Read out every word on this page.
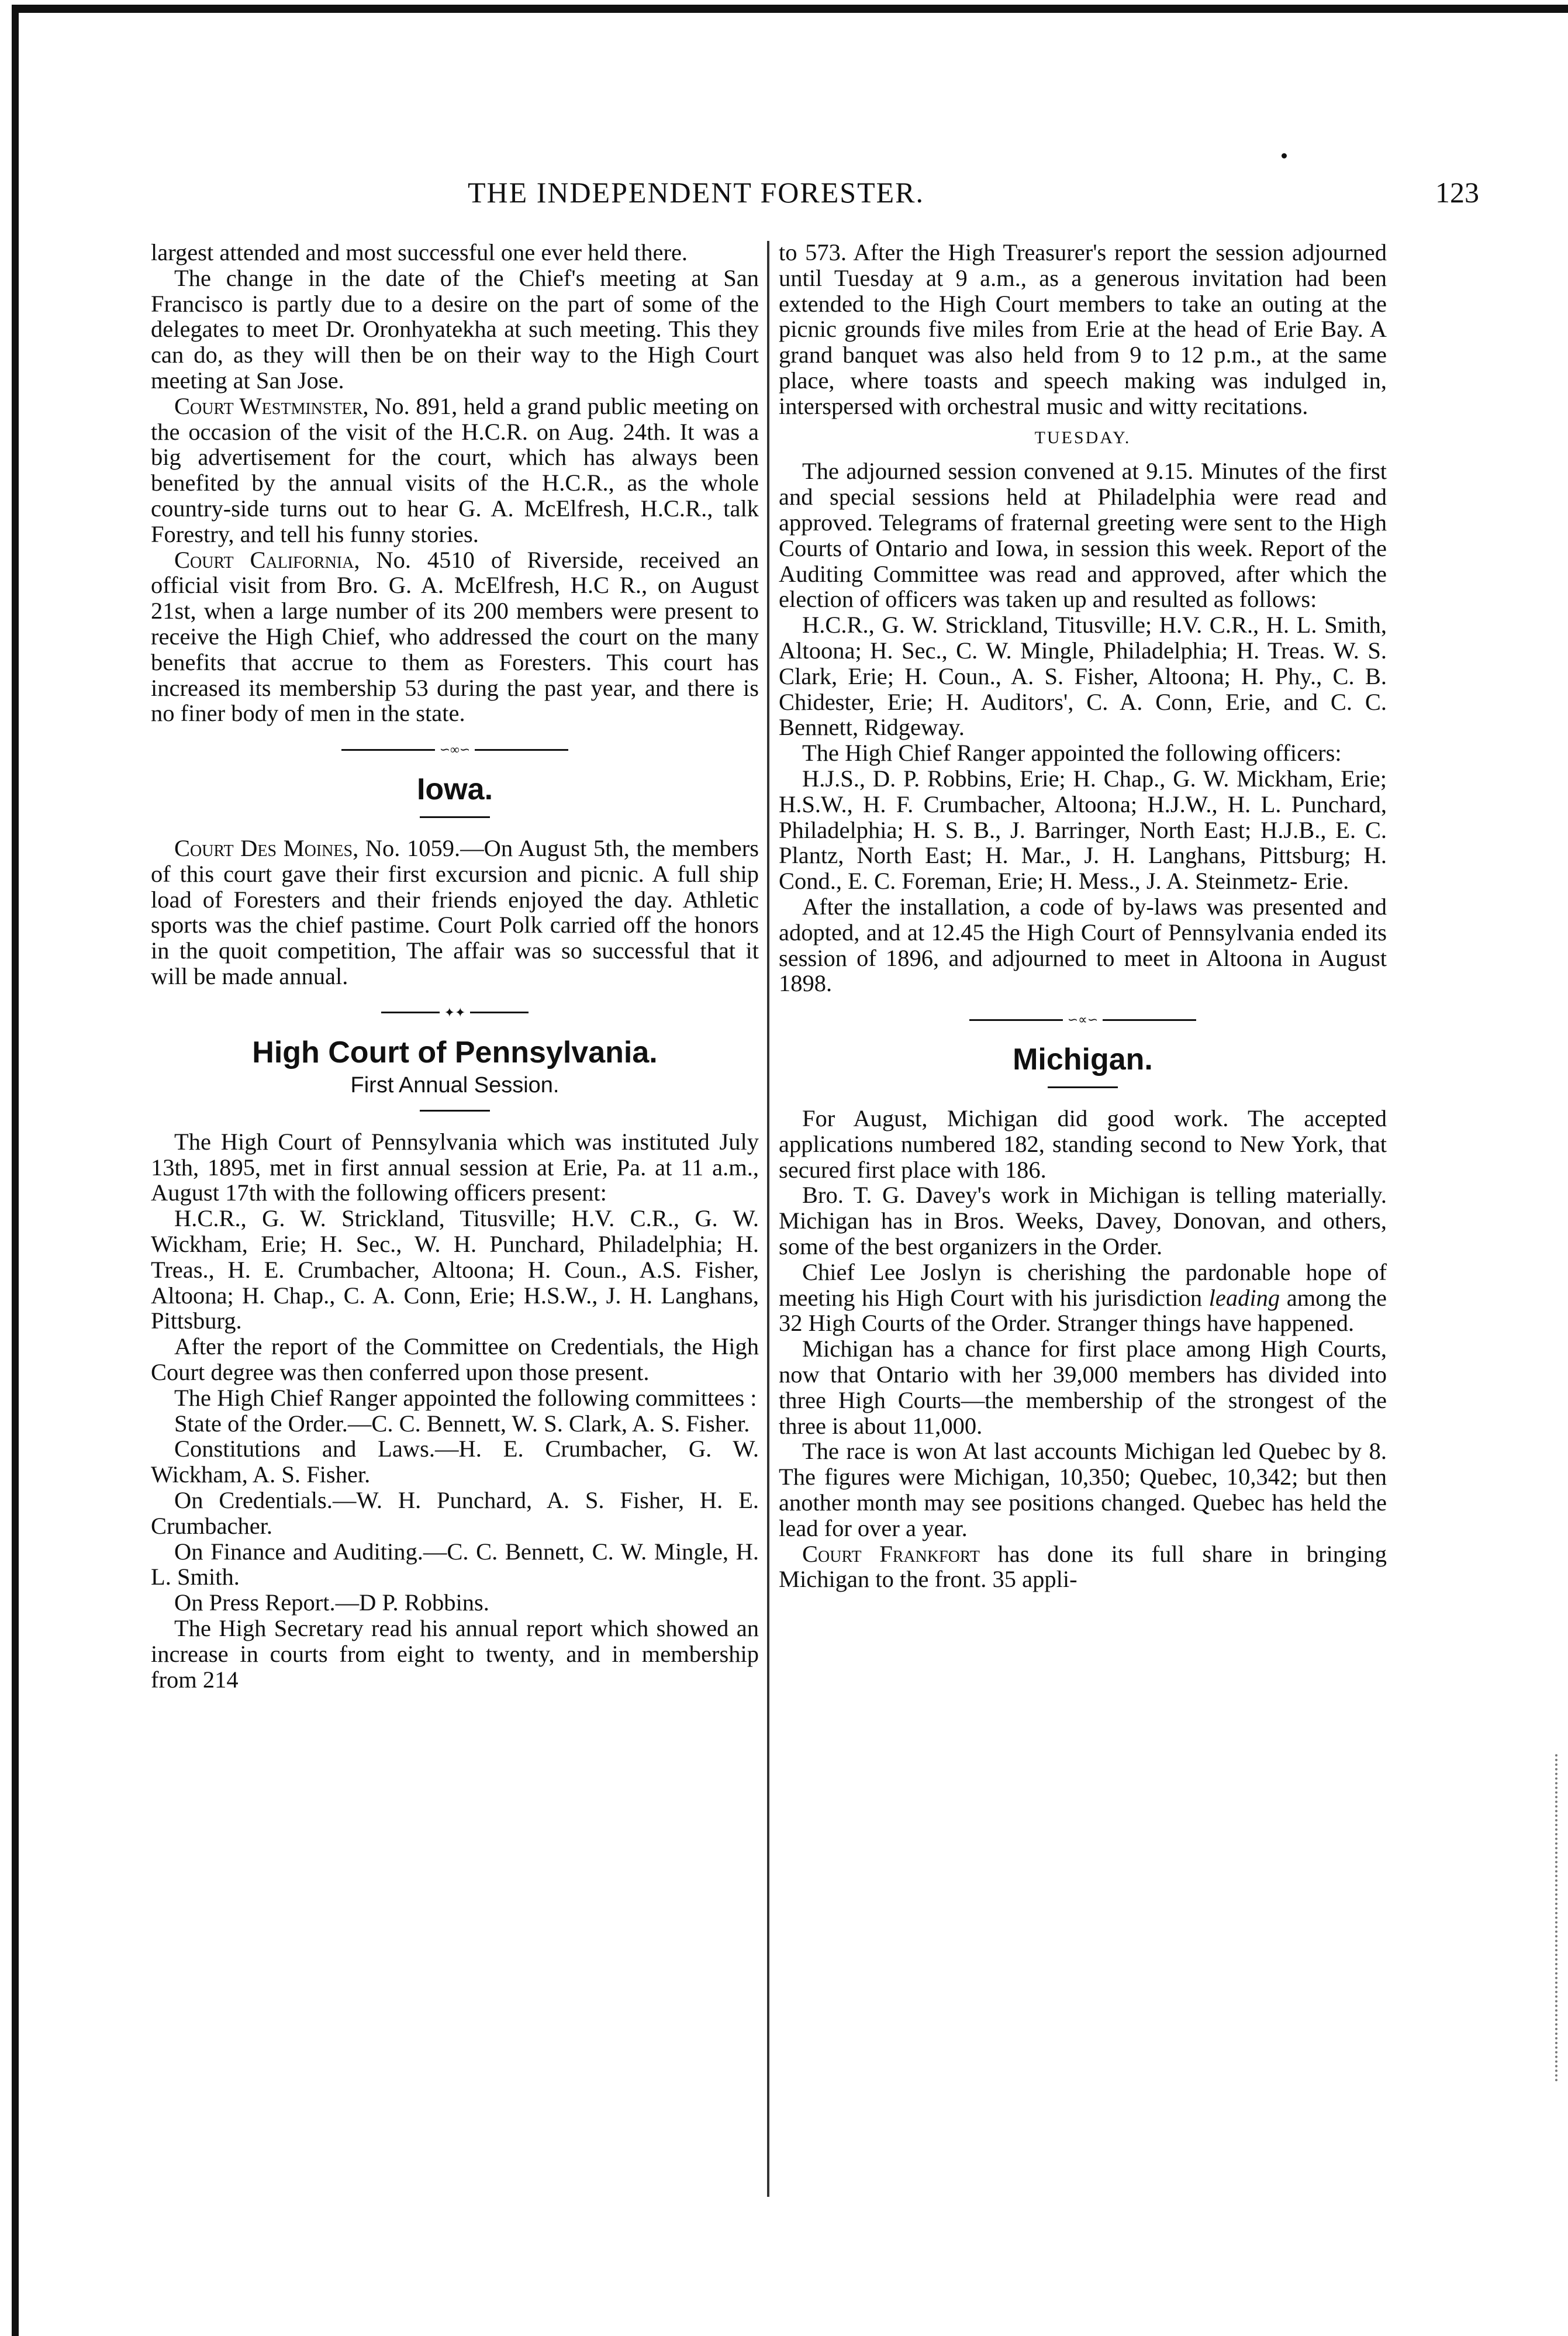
THE INDEPENDENT FORESTER.	123

largest attended and most successful one ever held there.

The change in the date of the Chief's meeting at San Francisco is partly due to a desire on the part of some of the delegates to meet Dr. Oronhyatekha at such meeting. This they can do, as they will then be on their way to the High Court meeting at San Jose.

Court Westminster, No. 891, held a grand public meeting on the occasion of the visit of the H.C.R. on Aug. 24th. It was a big advertisement for the court, which has always been benefited by the annual visits of the H.C.R., as the whole country-side turns out to hear G. A. McElfresh, H.C.R., talk Forestry, and tell his funny stories.

Court California, No. 4510 of Riverside, received an official visit from Bro. G. A. McElfresh, H.C R., on August 21st, when a large number of its 200 members were present to receive the High Chief, who addressed the court on the many benefits that accrue to them as Foresters. This court has increased its membership 53 during the past year, and there is no finer body of men in the state.

∽∞∽
Iowa.

Court Des Moines, No. 1059.—On August 5th, the members of this court gave their first excursion and picnic. A full ship load of Foresters and their friends enjoyed the day. Athletic sports was the chief pastime. Court Polk carried off the honors in the quoit competition, The affair was so successful that it will be made annual.

✦✦
High Court of Pennsylvania.
First Annual Session.

The High Court of Pennsylvania which was instituted July 13th, 1895, met in first annual session at Erie, Pa. at 11 a.m., August 17th with the following officers present:

H.C.R., G. W. Strickland, Titusville; H.V. C.R., G. W. Wickham, Erie; H. Sec., W. H. Punchard, Philadelphia; H. Treas., H. E. Crumbacher, Altoona; H. Coun., A.S. Fisher, Altoona; H. Chap., C. A. Conn, Erie; H.S.W., J. H. Langhans, Pittsburg.

After the report of the Committee on Credentials, the High Court degree was then conferred upon those present.

The High Chief Ranger appointed the following committees :

State of the Order.—C. C. Bennett, W. S. Clark, A. S. Fisher.

Constitutions and Laws.—H. E. Crumbacher, G. W. Wickham, A. S. Fisher.

On Credentials.—W. H. Punchard, A. S. Fisher, H. E. Crumbacher.

On Finance and Auditing.—C. C. Bennett, C. W. Mingle, H. L. Smith.

On Press Report.—D P. Robbins.

The High Secretary read his annual report which showed an increase in courts from eight to twenty, and in membership from 214

to 573. After the High Treasurer's report the session adjourned until Tuesday at 9 a.m., as a generous invitation had been extended to the High Court members to take an outing at the picnic grounds five miles from Erie at the head of Erie Bay. A grand banquet was also held from 9 to 12 p.m., at the same place, where toasts and speech making was indulged in, interspersed with orchestral music and witty recitations.

TUESDAY.

The adjourned session convened at 9.15. Minutes of the first and special sessions held at Philadelphia were read and approved. Telegrams of fraternal greeting were sent to the High Courts of Ontario and Iowa, in session this week. Report of the Auditing Committee was read and approved, after which the election of officers was taken up and resulted as follows:

H.C.R., G. W. Strickland, Titusville; H.V. C.R., H. L. Smith, Altoona; H. Sec., C. W. Mingle, Philadelphia; H. Treas. W. S. Clark, Erie; H. Coun., A. S. Fisher, Altoona; H. Phy., C. B. Chidester, Erie; H. Auditors', C. A. Conn, Erie, and C. C. Bennett, Ridgeway.

The High Chief Ranger appointed the following officers:

H.J.S., D. P. Robbins, Erie; H. Chap., G. W. Mickham, Erie; H.S.W., H. F. Crumbacher, Altoona; H.J.W., H. L. Punchard, Philadelphia; H. S. B., J. Barringer, North East; H.J.B., E. C. Plantz, North East; H. Mar., J. H. Langhans, Pittsburg; H. Cond., E. C. Foreman, Erie; H. Mess., J. A. Steinmetz- Erie.

After the installation, a code of by-laws was presented and adopted, and at 12.45 the High Court of Pennsylvania ended its session of 1896, and adjourned to meet in Altoona in August 1898.

∽∝∽
Michigan.

For August, Michigan did good work. The accepted applications numbered 182, standing second to New York, that secured first place with 186.

Bro. T. G. Davey's work in Michigan is telling materially. Michigan has in Bros. Weeks, Davey, Donovan, and others, some of the best organizers in the Order.

Chief Lee Joslyn is cherishing the pardonable hope of meeting his High Court with his jurisdiction leading among the 32 High Courts of the Order. Stranger things have happened.

Michigan has a chance for first place among High Courts, now that Ontario with her 39,000 members has divided into three High Courts—the membership of the strongest of the three is about 11,000.

The race is won At last accounts Michigan led Quebec by 8. The figures were Michigan, 10,350; Quebec, 10,342; but then another month may see positions changed. Quebec has held the lead for over a year.

Court Frankfort has done its full share in bringing Michigan to the front. 35 appli-
